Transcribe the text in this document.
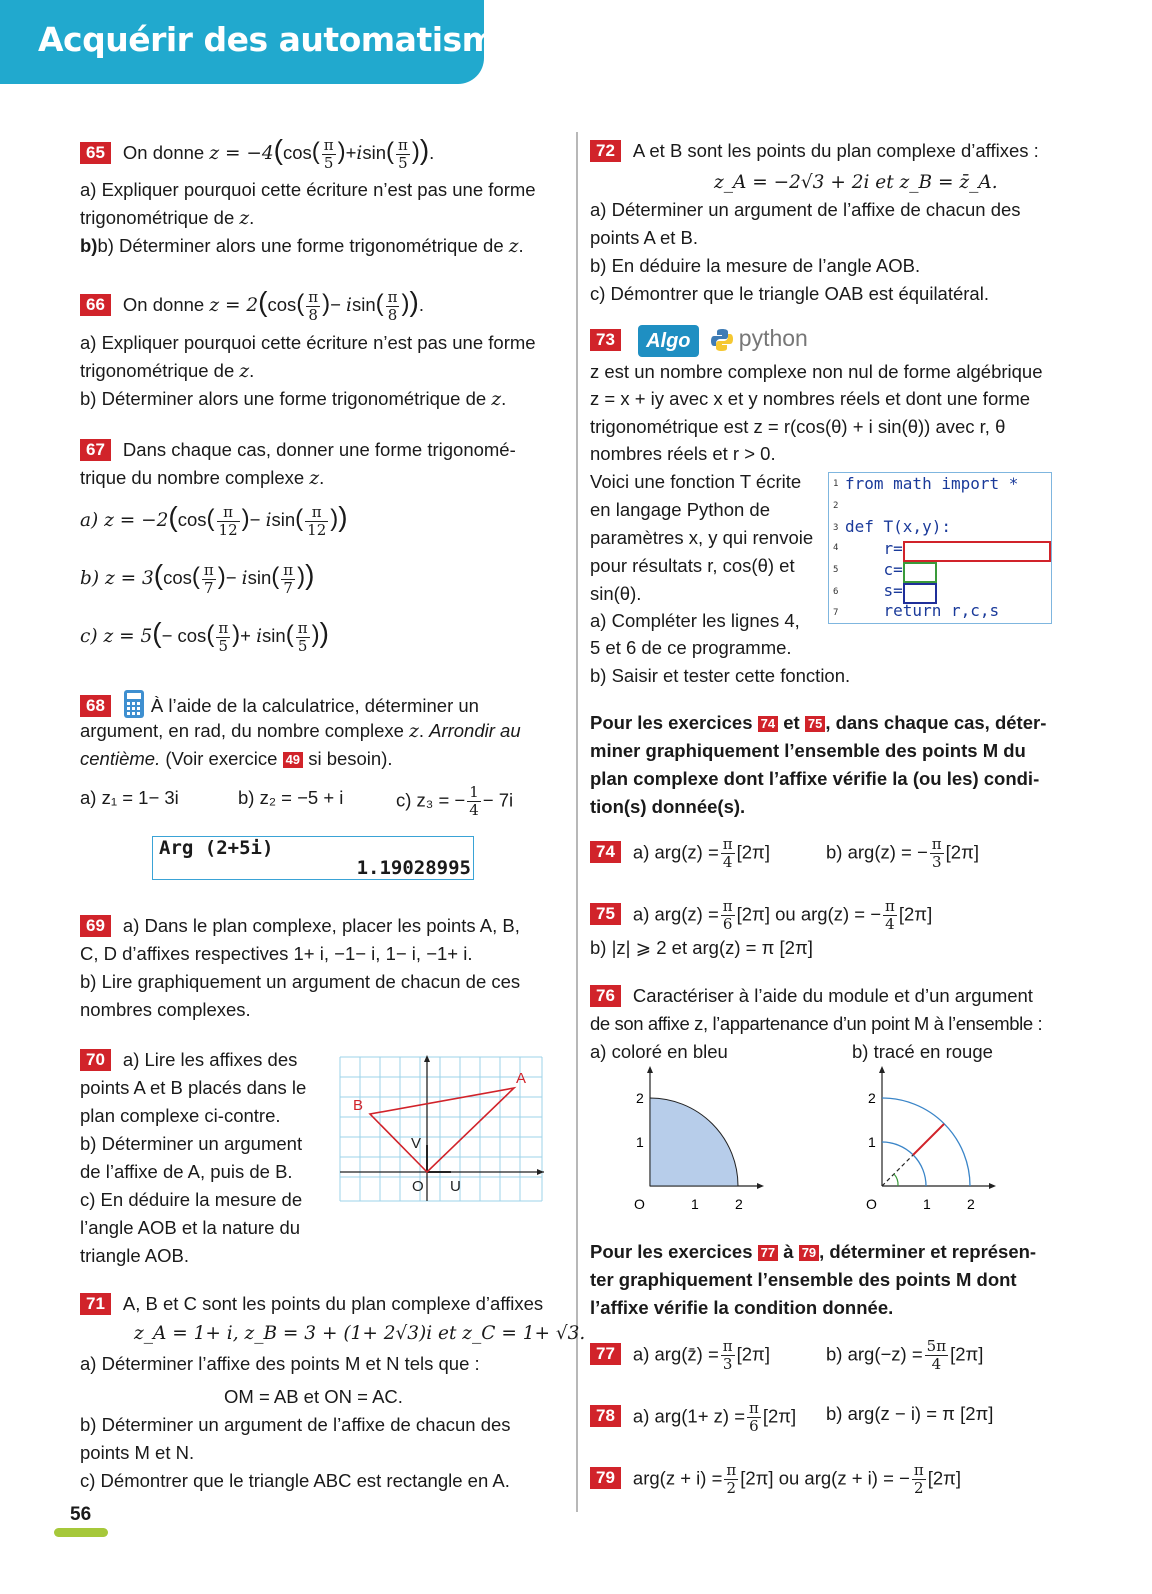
Acquérir des automatismes
65 On donne $z = -4(\cos( \frac{\pi}{5} )+isin( \frac{\pi}{5}$ )).
a) Expliquer pourquoi cette écriture n’est pas une forme
trigonométrique de z.
b)b) Déterminer alors une forme trigonométrique de z.
66 On donne $z = 2(\cos( \frac{\pi}{8}$ )− $isin( \frac{\pi}{8}$ )).
a) Expliquer pourquoi cette écriture n’est pas une forme
trigonométrique de z.
b) Déterminer alors une forme trigonométrique de z.
67 Dans chaque cas, donner une forme trigonomé-
trique du nombre complexe z.
a) $z = -2(\cos( \frac{\pi}{12}$ )− $isin( \frac{\pi}{12}$ ))
b) $z = 3(\cos( \frac{\pi}{7}$ )− $isin( \frac{\pi}{7}$ ))
c) $z = 5(- \cos( \frac{\pi}{5}$ )+ $isin( \frac{\pi}{5}$ ))
68 À l’aide de la calculatrice, déterminer un
argument, en rad, du nombre complexe z. Arrondir au
centième. (Voir exercice 49 si besoin).
a) z₁ = 1− 3i	b) z₂ = −5 + i	c) z₃ = − $\frac{1}{4} - 7i$
Arg (2+5i)
1.19028995
69 a) Dans le plan complexe, placer les points A, B,
C, D d’affixes respectives 1+ i, −1− i, 1− i, −1+ i.
b) Lire graphiquement un argument de chacun de ces
nombres complexes.
70 a) Lire les affixes des
points A et B placés dans le
plan complexe ci-contre.
b) Déterminer un argument
de l’affixe de A, puis de B.
c) En déduire la mesure de
l’angle AOB et la nature du
triangle AOB.
A
B
O U
V
71 A, B et C sont les points du plan complexe d’affixes
z_A = 1+ i, z_B = 3 + (1+ 2√3)i et z_C = 1+ √3.
a) Déterminer l’affixe des points M et N tels que :
OM = AB et ON = AC.
b) Déterminer un argument de l’affixe de chacun des
points M et N.
c) Démontrer que le triangle ABC est rectangle en A.
56
72 A et B sont les points du plan complexe d’affixes :
z_A = −2√3 + 2i et z_B = z̄_A.
a) Déterminer un argument de l’affixe de chacun des
points A et B.
b) En déduire la mesure de l’angle AOB.
c) Démontrer que le triangle OAB est équilatéral.
73 Algo python
z est un nombre complexe non nul de forme algébrique
z = x + iy avec x et y nombres réels et dont une forme
trigonométrique est z = r(cos(θ) + i sin(θ)) avec r, θ
nombres réels et r > 0.
Voici une fonction T écrite
en langage Python de
paramètres x, y qui renvoie
pour résultats r, cos(θ) et
sin(θ).
a) Compléter les lignes 4,
5 et 6 de ce programme.
b) Saisir et tester cette fonction.
1 from math import *
2
3 def T(x,y):
4 r=
5 c=
6 s=
7 return r,c,s
Pour les exercices 74 et 75 , dans chaque cas, déter-
miner graphiquement l’ensemble des points M du
plan complexe dont l’affixe vérifie la (ou les) condi-
tion(s) donnée(s).
74 a) $arg(z) = \frac{\pi}{4} [2\pi]$	b) arg(z) = − $\frac{\pi}{3} [2\pi]$
75 a) $arg(z) = \frac{\pi}{6} [2\pi]$ ou arg(z) = − $\frac{\pi}{4} [2\pi]$
b) |z| ⩾ 2 et arg(z) = π [2π]
76 Caractériser à l’aide du module et d’un argument
de son affixe z, l’appartenance d’un point M à l’ensemble :
a) coloré en bleu	b) tracé en rouge
2
1
O	1	2
2
1
O	1	2
Pour les exercices 77 à 79 , déterminer et représen-
ter graphiquement l’ensemble des points M dont
l’affixe vérifie la condition donnée.
77 a) arg(z̄) = $\frac{\pi}{3} [2\pi]$	b) $arg(-z) = \frac{5\pi}{4} [2\pi]$
78 a) $arg(1+ z) = \frac{\pi}{6} [2\pi]$ b) arg(z − i) = π [2π]
79 $arg(z + i) = \frac{\pi}{2} [2\pi]$ ou arg(z + i) = − $\frac{\pi}{2} [2\pi]$
